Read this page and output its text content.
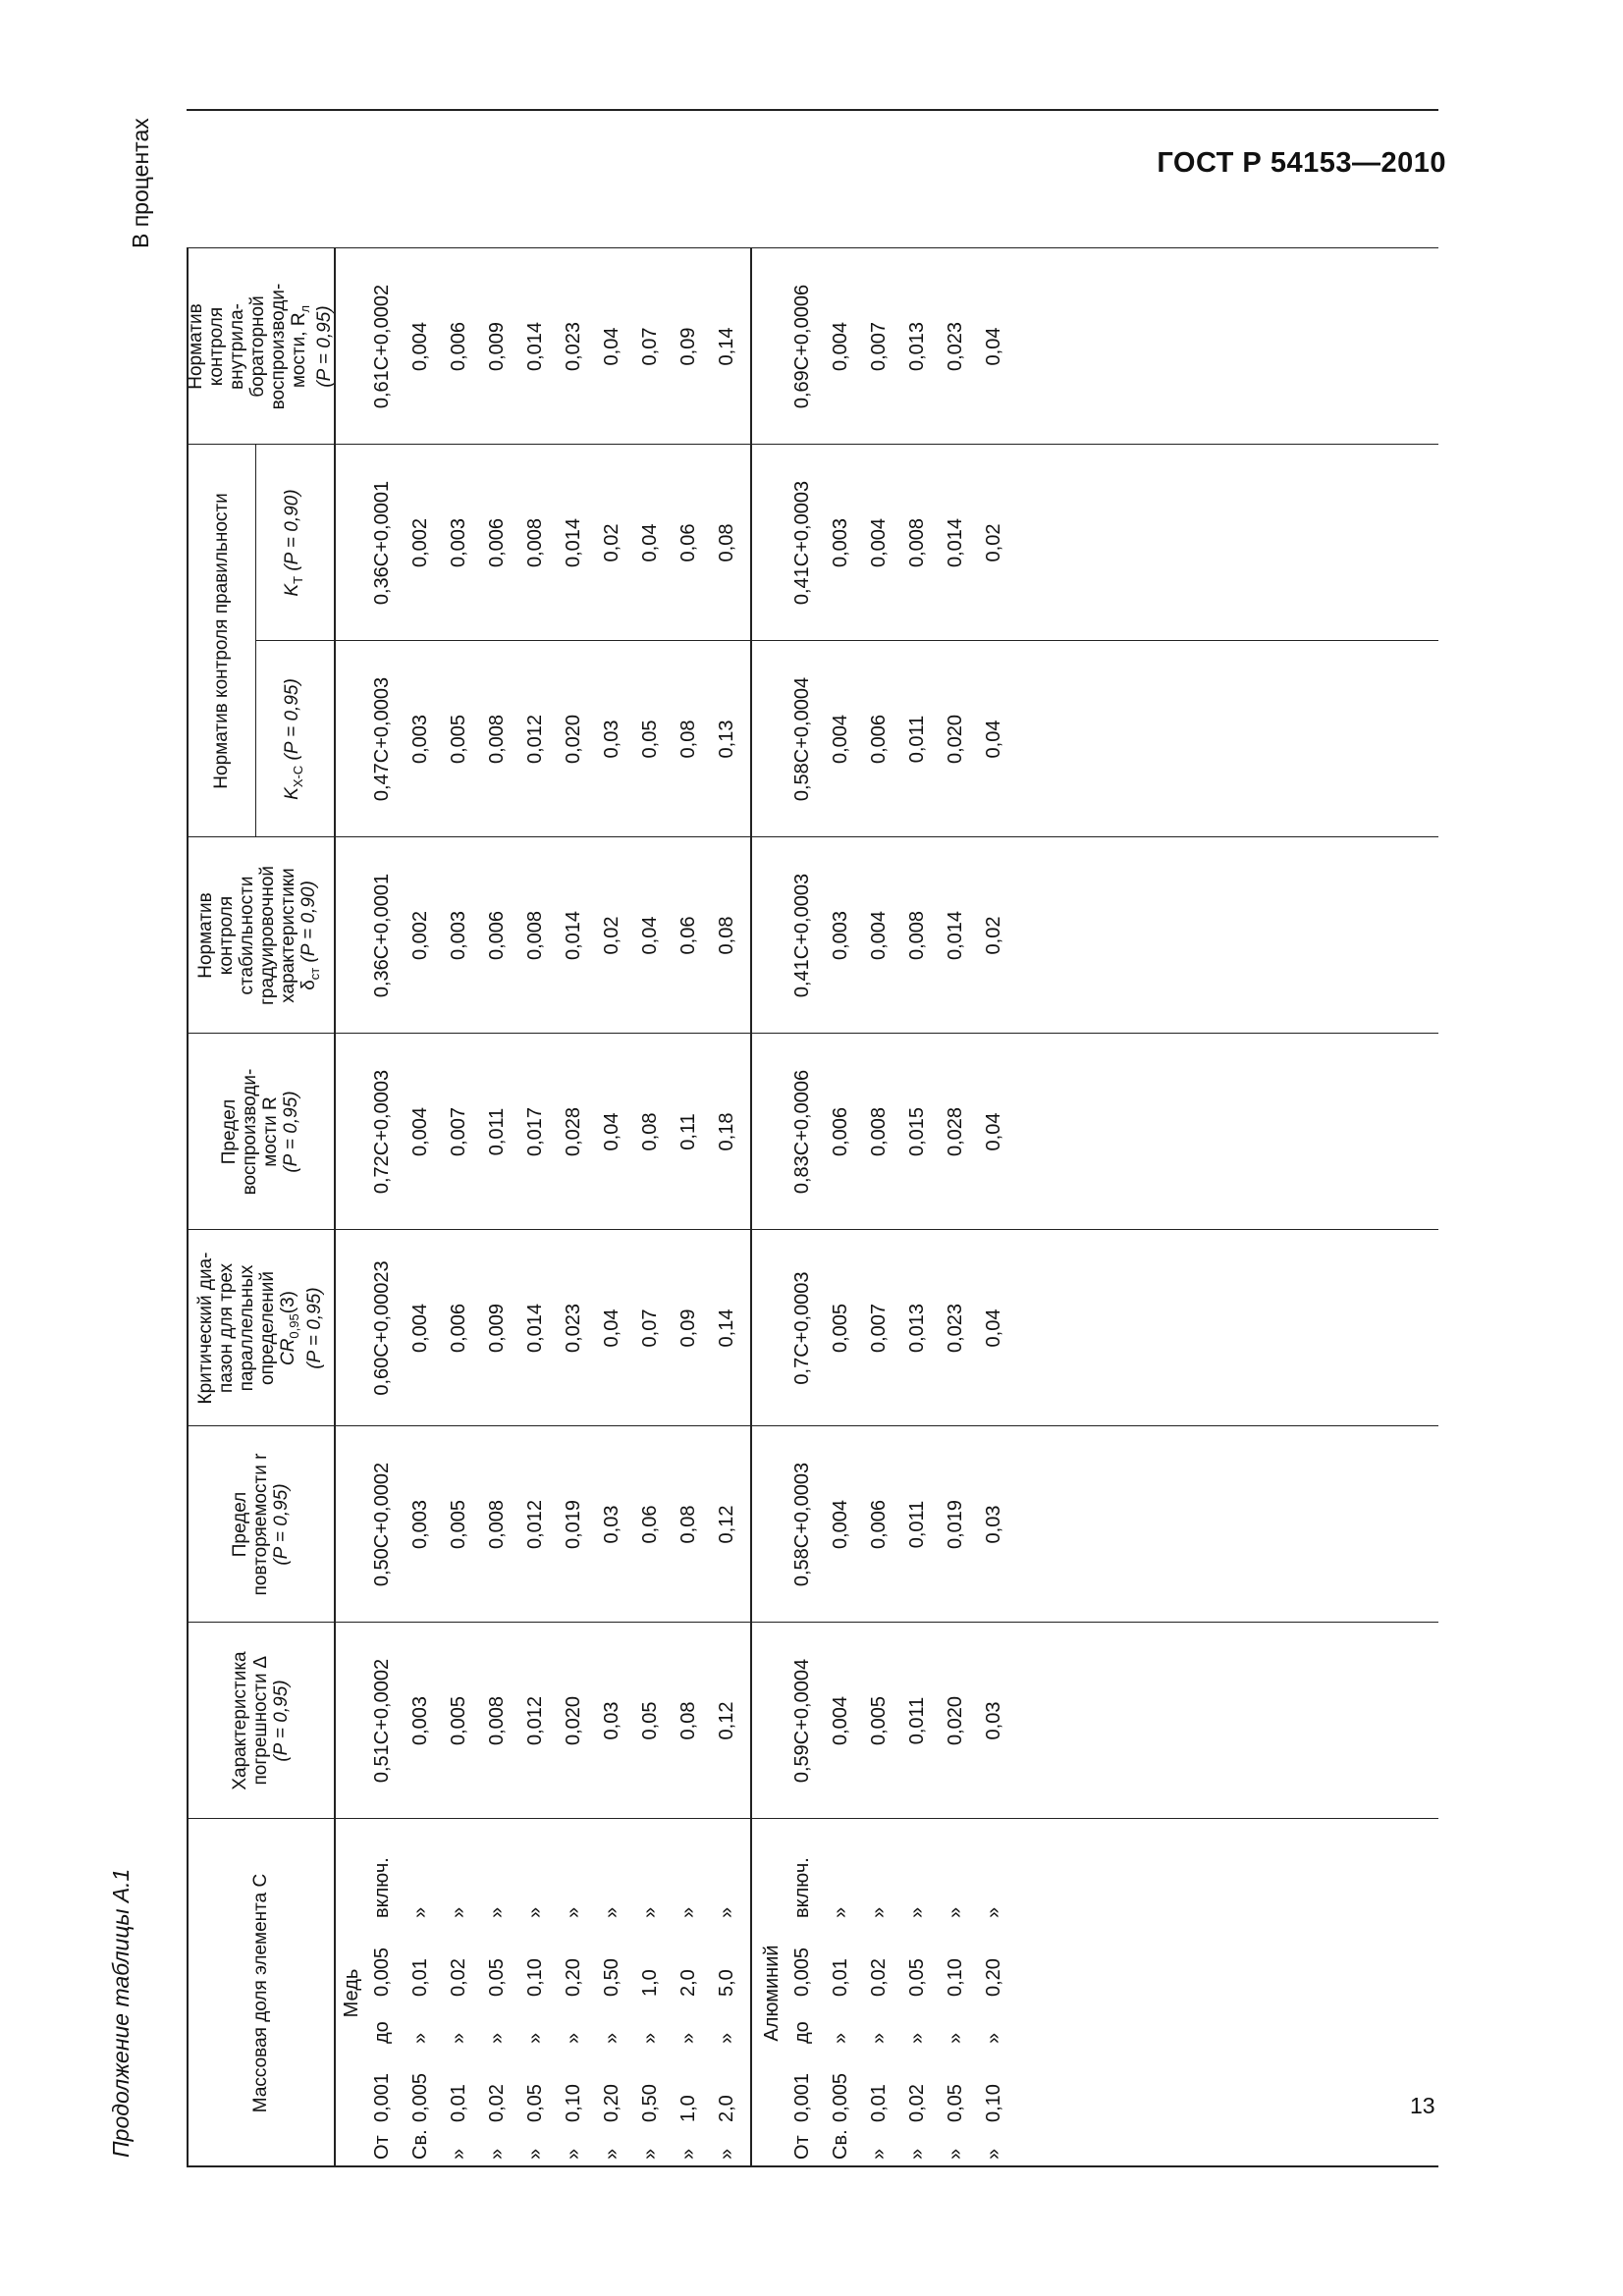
ГОСТ Р 54153—2010
13
Продолжение таблицы А.1
В процентах
Массовая доля элемента C
Характеристика погрешности ∆ (P = 0,95)
Предел повторяемости r (P = 0,95)
Критический диа- пазон для трех параллельных определений $CR_{0,95}(3) (P = 0,95)$
Предел воспроизводи- мости R (P = 0,95)
Норматив контроля стабильности градуировочной характеристики $\delta_{ст}$ (P = 0,90)
Норматив контроля правильности
$K_{X-C}$ (P = 0,95)
$K_T$ (P = 0,90)
Норматив контроля внутрила- бораторной воспроизводи- мости, $R_л$ (P = 0,95)
Медь
От
0,001
до
0,005
включ.
0,51C+0,0002
0,50C+0,0002
0,60C+0,00023
0,72C+0,0003
0,36C+0,0001
0,47C+0,0003
0,36C+0,0001
0,61C+0,0002
Св.
0,005
»
0,01
»
0,003
0,003
0,004
0,004
0,002
0,003
0,002
0,004
»
0,01
»
0,02
»
0,005
0,005
0,006
0,007
0,003
0,005
0,003
0,006
»
0,02
»
0,05
»
0,008
0,008
0,009
0,011
0,006
0,008
0,006
0,009
»
0,05
»
0,10
»
0,012
0,012
0,014
0,017
0,008
0,012
0,008
0,014
»
0,10
»
0,20
»
0,020
0,019
0,023
0,028
0,014
0,020
0,014
0,023
»
0,20
»
0,50
»
0,03
0,03
0,04
0,04
0,02
0,03
0,02
0,04
»
0,50
»
1,0
»
0,05
0,06
0,07
0,08
0,04
0,05
0,04
0,07
»
1,0
»
2,0
»
0,08
0,08
0,09
0,11
0,06
0,08
0,06
0,09
»
2,0
»
5,0
»
0,12
0,12
0,14
0,18
0,08
0,13
0,08
0,14
Алюминий
От
0,001
до
0,005
включ.
0,59C+0,0004
0,58C+0,0003
0,7C+0,0003
0,83C+0,0006
0,41C+0,0003
0,58C+0,0004
0,41C+0,0003
0,69C+0,0006
Св.
0,005
»
0,01
»
0,004
0,004
0,005
0,006
0,003
0,004
0,003
0,004
»
0,01
»
0,02
»
0,005
0,006
0,007
0,008
0,004
0,006
0,004
0,007
»
0,02
»
0,05
»
0,011
0,011
0,013
0,015
0,008
0,011
0,008
0,013
»
0,05
»
0,10
»
0,020
0,019
0,023
0,028
0,014
0,020
0,014
0,023
»
0,10
»
0,20
»
0,03
0,03
0,04
0,04
0,02
0,04
0,02
0,04
